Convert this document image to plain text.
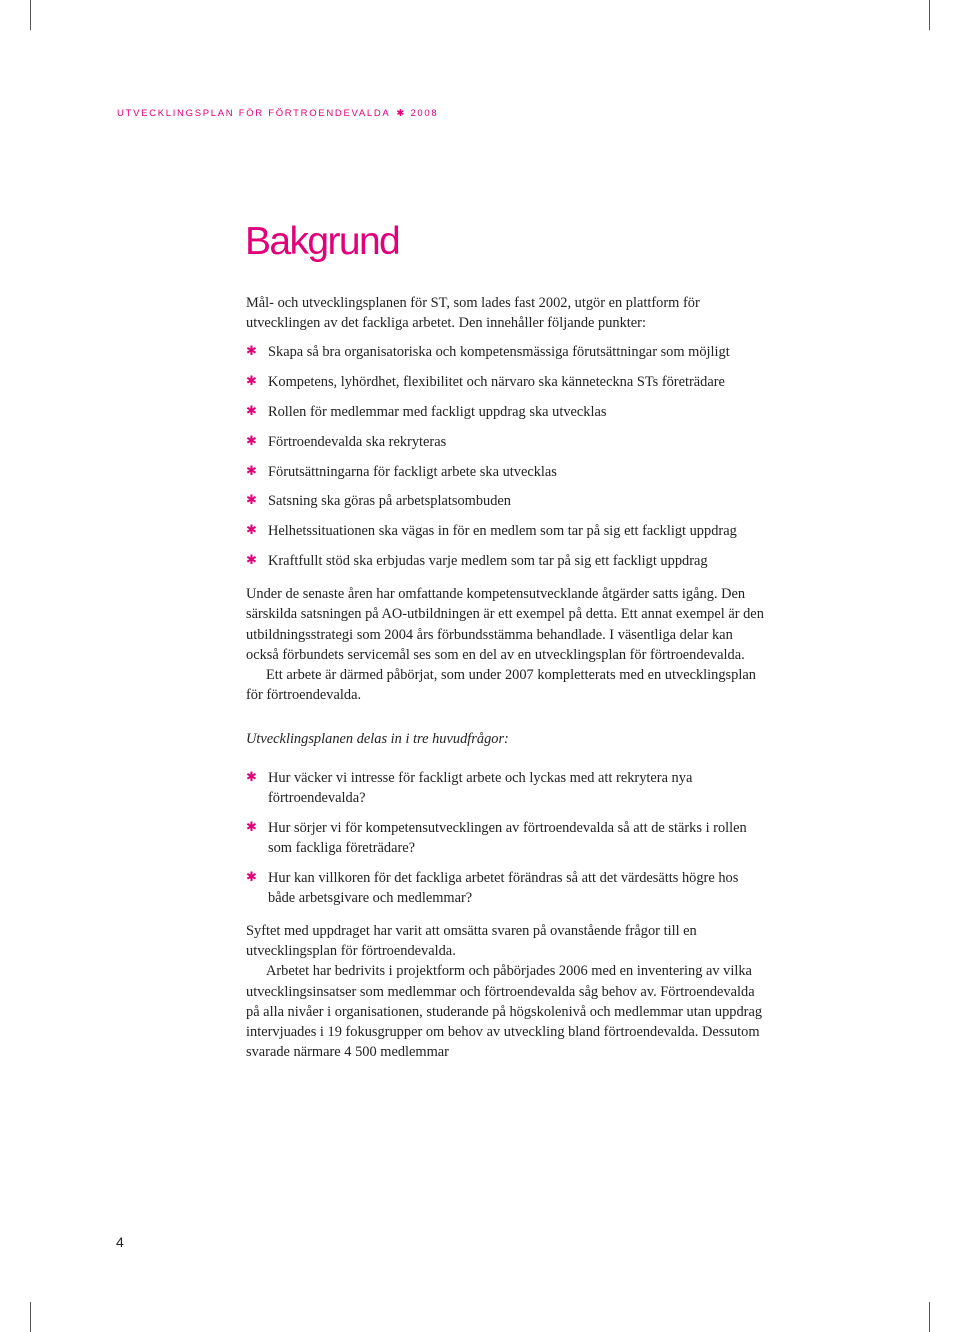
UTVECKLINGSPLAN FÖR FÖRTROENDEVALDA ✱ 2008
Bakgrund

Mål- och utvecklingsplanen för ST, som lades fast 2002, utgör en plattform för utvecklingen av det fackliga arbetet. Den innehåller följande punkter:

✱ Skapa så bra organisatoriska och kompetensmässiga förutsättningar som möjligt
✱ Kompetens, lyhördhet, flexibilitet och närvaro ska känneteckna STs företrädare
✱ Rollen för medlemmar med fackligt uppdrag ska utvecklas
✱ Förtroendevalda ska rekryteras
✱ Förutsättningarna för fackligt arbete ska utvecklas
✱ Satsning ska göras på arbetsplatsombuden
✱ Helhetssituationen ska vägas in för en medlem som tar på sig ett fackligt uppdrag
✱ Kraftfullt stöd ska erbjudas varje medlem som tar på sig ett fackligt uppdrag

Under de senaste åren har omfattande kompetensutvecklande åtgärder satts igång. Den särskilda satsningen på AO-utbildningen är ett exempel på detta. Ett annat exempel är den utbildningsstrategi som 2004 års förbundsstämma behandlade. I väsentliga delar kan också förbundets servicemål ses som en del av en utvecklingsplan för förtroendevalda.

Ett arbete är därmed påbörjat, som under 2007 kompletterats med en utvecklingsplan för förtroendevalda.

Utvecklingsplanen delas in i tre huvudfrågor:

✱ Hur väcker vi intresse för fackligt arbete och lyckas med att rekrytera nya förtroendevalda?
✱ Hur sörjer vi för kompetensutvecklingen av förtroendevalda så att de stärks i rollen som fackliga företrädare?
✱ Hur kan villkoren för det fackliga arbetet förändras så att det värdesätts högre hos både arbetsgivare och medlemmar?

Syftet med uppdraget har varit att omsätta svaren på ovanstående frågor till en utvecklingsplan för förtroendevalda.

Arbetet har bedrivits i projektform och påbörjades 2006 med en inventering av vilka utvecklingsinsatser som medlemmar och förtroendevalda såg behov av. Förtroendevalda på alla nivåer i organisationen, studerande på högskolenivå och medlemmar utan uppdrag intervjuades i 19 fokusgrupper om behov av utveckling bland förtroendevalda. Dessutom svarade närmare 4 500 medlemmar

4
